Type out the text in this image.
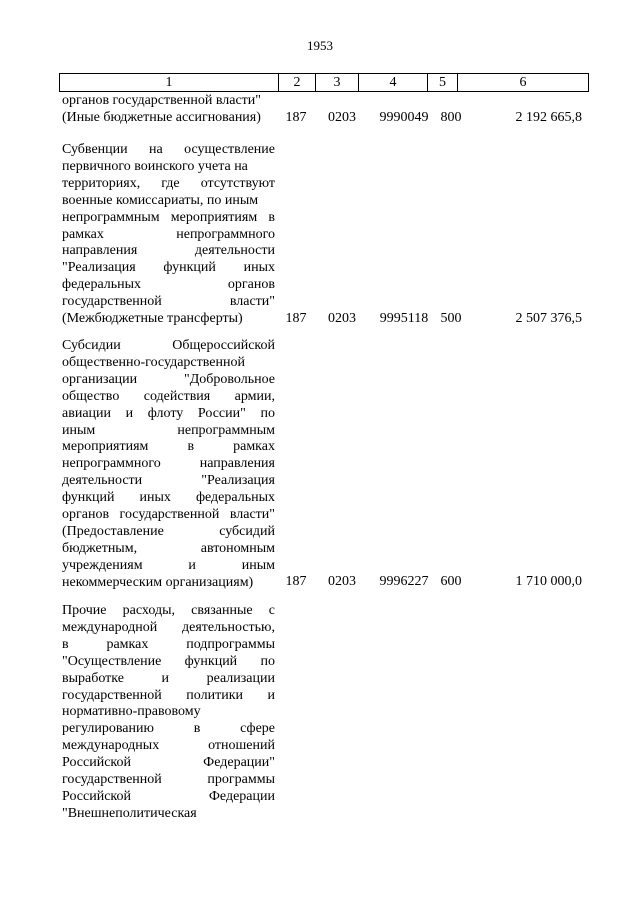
1953
1	2	3	4	5	6
органов государственной власти"
(Иные бюджетные ассигнования)	187	0203	9990049 800	2 192 665,8
Субвенции на осуществление
первичного воинского учета на
территориях, где отсутствуют
военные комиссариаты, по иным
непрограммным мероприятиям в
рамках непрограммного
направления деятельности
"Реализация функций иных
федеральных органов
государственной власти"
(Межбюджетные трансферты)	187	0203	9995118 500	2 507 376,5
Субсидии Общероссийской
общественно-государственной
организации "Добровольное
общество содействия армии,
авиации и флоту России" по
иным непрограммным
мероприятиям в рамках
непрограммного направления
деятельности "Реализация
функций иных федеральных
органов государственной власти"
(Предоставление субсидий
бюджетным, автономным
учреждениям и иным
некоммерческим организациям)	187	0203	9996227 600	1 710 000,0
Прочие расходы, связанные с
международной деятельностью,
в рамках подпрограммы
"Осуществление функций по
выработке и реализации
государственной политики и
нормативно-правовому
регулированию в сфере
международных отношений
Российской Федерации"
государственной программы
Российской Федерации
"Внешнеполитическая
